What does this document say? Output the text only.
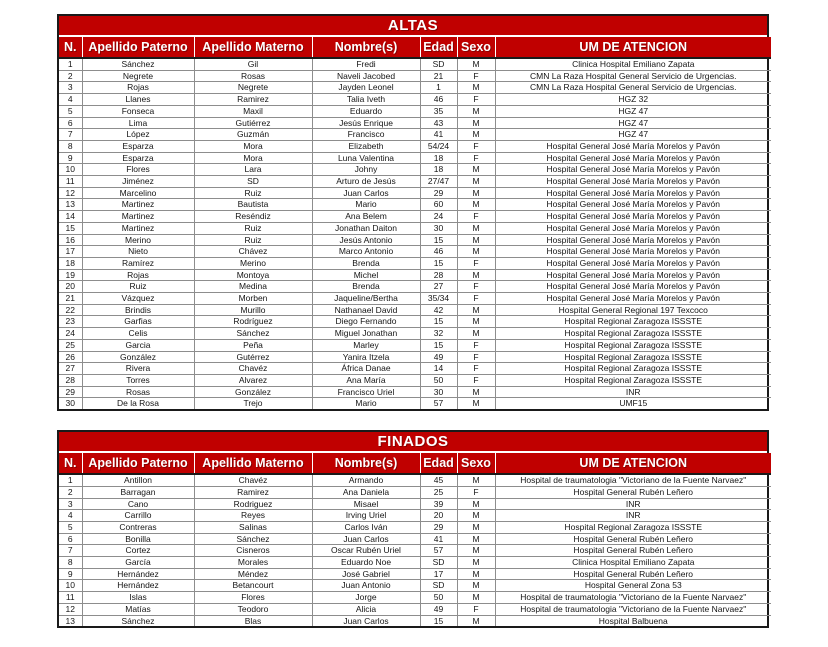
ALTAS
N.	Apellido Paterno	Apellido Materno	Nombre(s)	Edad	Sexo	UM DE ATENCION
1	Sánchez	Gil	Fredi	SD	M	Clinica Hospital Emiliano Zapata
2	Negrete	Rosas	Naveli Jacobed	21	F	CMN La Raza Hospital General Servicio de Urgencias.
3	Rojas	Negrete	Jayden Leonel	1	M	CMN La Raza Hospital General Servicio de Urgencias.
4	Llanes	Ramirez	Talia Iveth	46	F	HGZ 32
5	Fonseca	Maxil	Eduardo	35	M	HGZ 47
6	Lima	Gutiérrez	Jesús Enrique	43	M	HGZ 47
7	López	Guzmán	Francisco	41	M	HGZ 47
8	Esparza	Mora	Elizabeth	54/24	F	Hospital General José María Morelos y Pavón
9	Esparza	Mora	Luna Valentina	18	F	Hospital General José María Morelos y Pavón
10	Flores	Lara	Johny	18	M	Hospital General José María Morelos y Pavón
11	Jiménez	SD	Arturo de Jesús	27/47	M	Hospital General José María Morelos y Pavón
12	Marcelino	Ruiz	Juan Carlos	29	M	Hospital General José María Morelos y Pavón
13	Martinez	Bautista	Mario	60	M	Hospital General José María Morelos y Pavón
14	Martinez	Reséndiz	Ana Belem	24	F	Hospital General José María Morelos y Pavón
15	Martinez	Ruiz	Jonathan Daiton	30	M	Hospital General José María Morelos y Pavón
16	Merino	Ruiz	Jesús Antonio	15	M	Hospital General José María Morelos y Pavón
17	Nieto	Chávez	Marco Antonio	46	M	Hospital General José María Morelos y Pavón
18	Ramírez	Merino	Brenda	15	F	Hospital General José María Morelos y Pavón
19	Rojas	Montoya	Michel	28	M	Hospital General José María Morelos y Pavón
20	Ruiz	Medina	Brenda	27	F	Hospital General José María Morelos y Pavón
21	Vázquez	Morben	Jaqueline/Bertha	35/34	F	Hospital General José María Morelos y Pavón
22	Brindis	Murillo	Nathanael David	42	M	Hospital General Regional 197 Texcoco
23	Garfias	Rodríguez	Diego Fernando	15	M	Hospital Regional Zaragoza ISSSTE
24	Celis	Sánchez	Miguel Jonathan	32	M	Hospital Regional Zaragoza ISSSTE
25	Garcia	Peña	Marley	15	F	Hospital Regional Zaragoza ISSSTE
26	González	Gutérrez	Yanira Itzela	49	F	Hospital Regional Zaragoza ISSSTE
27	Rivera	Chavéz	África Danae	14	F	Hospital Regional Zaragoza ISSSTE
28	Torres	Alvarez	Ana María	50	F	Hospital Regional Zaragoza ISSSTE
29	Rosas	González	Francisco Uriel	30	M	INR
30	De la Rosa	Trejo	Mario	57	M	UMF15
FINADOS
N.	Apellido Paterno	Apellido Materno	Nombre(s)	Edad	Sexo	UM DE ATENCION
1	Antillon	Chavéz	Armando	45	M	Hospital de traumatologia "Victoriano de la Fuente Narvaez"
2	Barragan	Ramirez	Ana Daniela	25	F	Hospital General Rubén Leñero
3	Cano	Rodriguez	Misael	39	M	INR
4	Carrillo	Reyes	Irving Uriel	20	M	INR
5	Contreras	Salinas	Carlos Iván	29	M	Hospital Regional Zaragoza ISSSTE
6	Bonilla	Sánchez	Juan Carlos	41	M	Hospital General Rubén Leñero
7	Cortez	Cisneros	Oscar Rubén Uriel	57	M	Hospital General Rubén Leñero
8	García	Morales	Eduardo Noe	SD	M	Clinica Hospital Emiliano Zapata
9	Hernández	Méndez	José Gabriel	17	M	Hospital General Rubén Leñero
10	Hernández	Betancourt	Juan Antonio	SD	M	Hospital General Zona 53
11	Islas	Flores	Jorge	50	M	Hospital de traumatologia "Victoriano de la Fuente Narvaez"
12	Matías	Teodoro	Alicia	49	F	Hospital de traumatologia "Victoriano de la Fuente Narvaez"
13	Sánchez	Blas	Juan Carlos	15	M	Hospital Balbuena
